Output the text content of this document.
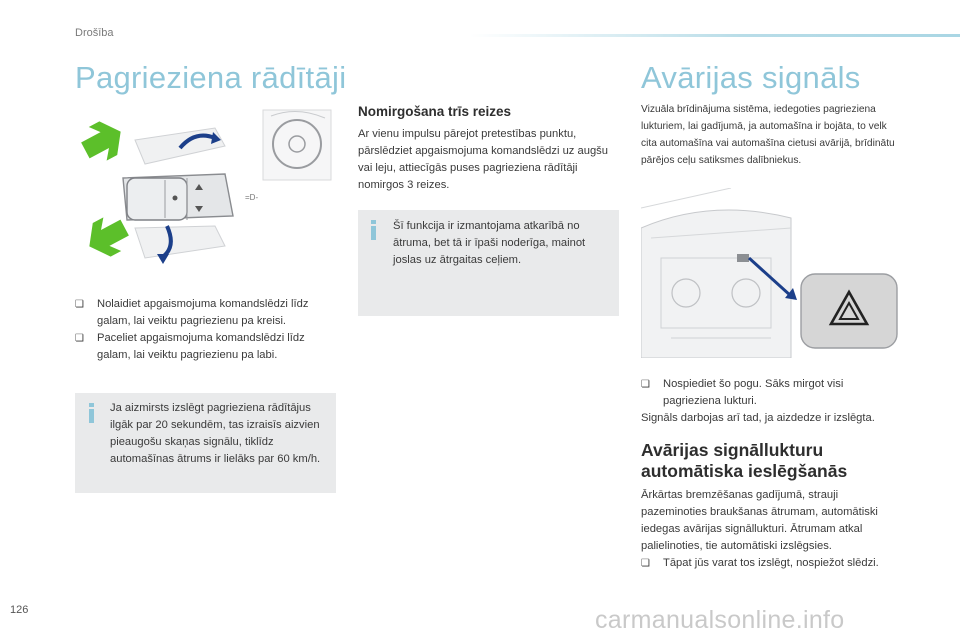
Drošība
Pagrieziena rādītāji
=D-
❏ Nolaidiet apgaismojuma komandslēdzi līdz galam, lai veiktu pagriezienu pa kreisi.
❏ Paceliet apgaismojuma komandslēdzi līdz galam, lai veiktu pagriezienu pa labi.
Ja aizmirsts izslēgt pagrieziena rādītājus ilgāk par 20 sekundēm, tas izraisīs aizvien pieaugošu skaņas signālu, tiklīdz automašīnas ātrums ir lielāks par 60 km/h.
Nomirgošana trīs reizes
Ar vienu impulsu pārejot pretestības punktu, pārslēdziet apgaismojuma komandslēdzi uz augšu vai leju, attiecīgās puses pagrieziena rādītāji nomirgos 3 reizes.
Šī funkcija ir izmantojama atkarībā no ātruma, bet tā ir īpaši noderīga, mainot joslas uz ātrgaitas ceļiem.
Avārijas signāls
Vizuāla brīdinājuma sistēma, iedegoties pagrieziena lukturiem, lai gadījumā, ja automašīna ir bojāta, to velk cita automašīna vai automašīna cietusi avārijā, brīdinātu pārējos ceļu satiksmes dalībniekus.
❏ Nospiediet šo pogu. Sāks mirgot visi pagrieziena lukturi.
Signāls darbojas arī tad, ja aizdedze ir izslēgta.
Avārijas signāllukturu
automātiska ieslēgšanās
Ārkārtas bremzēšanas gadījumā, strauji pazeminoties braukšanas ātrumam, automātiski iedegas avārijas signāllukturi. Ātrumam atkal palielinoties, tie automātiski izslēgsies.
❏ Tāpat jūs varat tos izslēgt, nospiežot slēdzi.
126	carmanualsonline.info
